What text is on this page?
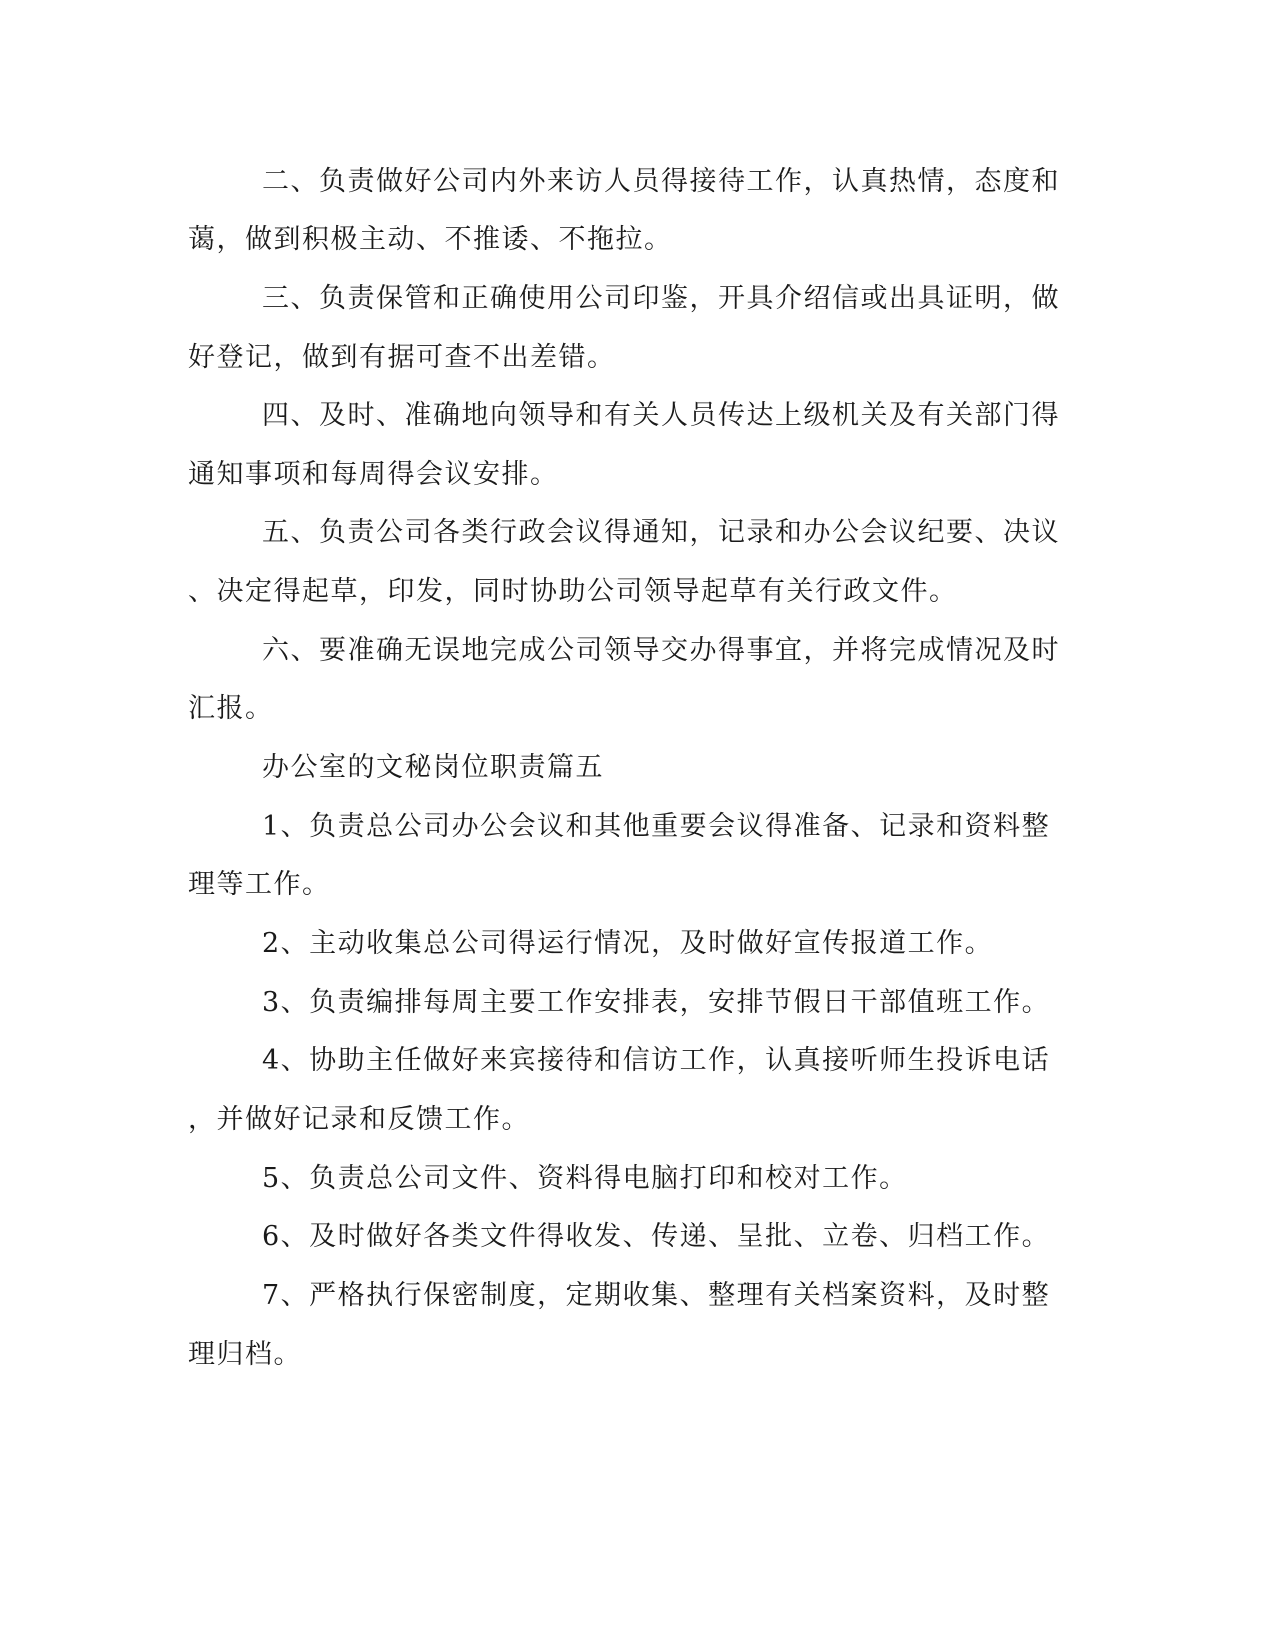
二、负责做好公司内外来访人员得接待工作，认真热情，态度和

蔼，做到积极主动、不推诿、不拖拉。

三、负责保管和正确使用公司印鉴，开具介绍信或出具证明，做

好登记，做到有据可查不出差错。

四、及时、准确地向领导和有关人员传达上级机关及有关部门得

通知事项和每周得会议安排。

五、负责公司各类行政会议得通知，记录和办公会议纪要、决议

、决定得起草，印发，同时协助公司领导起草有关行政文件。

六、要准确无误地完成公司领导交办得事宜，并将完成情况及时

汇报。

办公室的文秘岗位职责篇五

1、负责总公司办公会议和其他重要会议得准备、记录和资料整

理等工作。

2、主动收集总公司得运行情况，及时做好宣传报道工作。

3、负责编排每周主要工作安排表，安排节假日干部值班工作。

4、协助主任做好来宾接待和信访工作，认真接听师生投诉电话

，并做好记录和反馈工作。

5、负责总公司文件、资料得电脑打印和校对工作。

6、及时做好各类文件得收发、传递、呈批、立卷、归档工作。

7、严格执行保密制度，定期收集、整理有关档案资料，及时整

理归档。
